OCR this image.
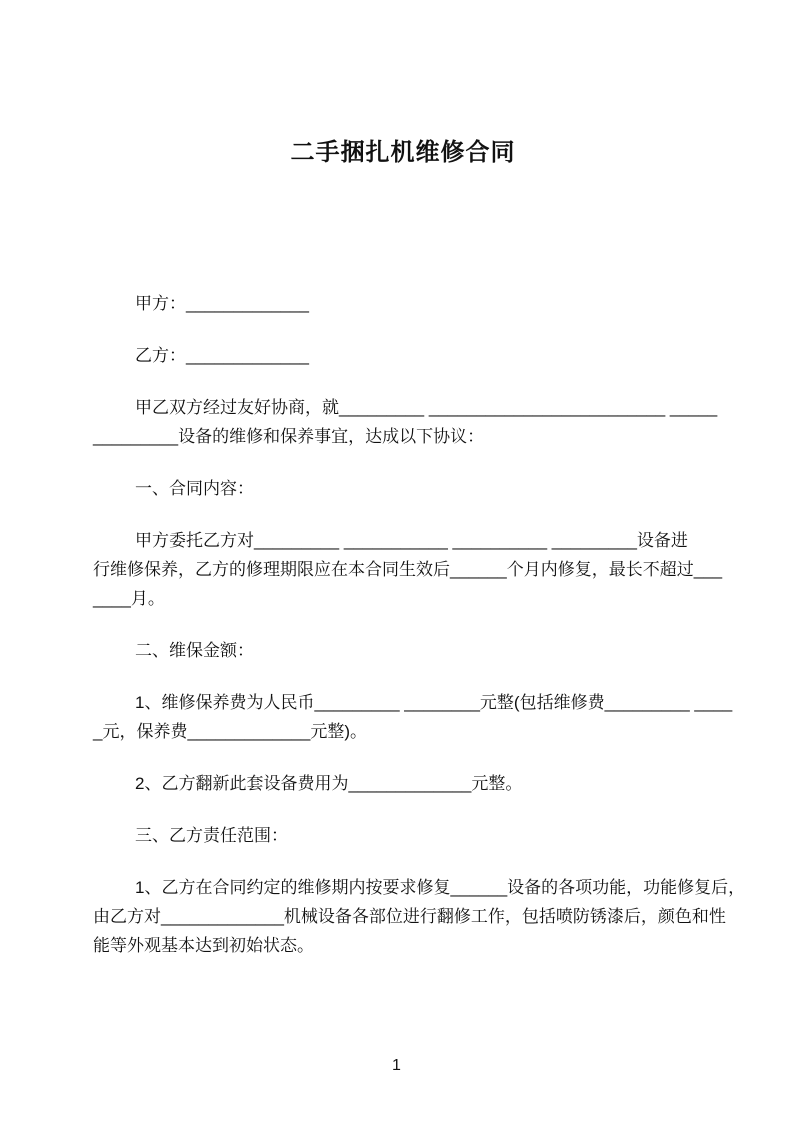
二手捆扎机维修合同
甲方：_____________
乙方：_____________
甲乙双方经过友好协商，就_________ _________________________ _____
_________设备的维修和保养事宜，达成以下协议：
一、合同内容：
甲方委托乙方对_________ ___________ __________ _________设备进
行维修保养，乙方的修理期限应在本合同生效后______个月内修复，最长不超过___
____月。
二、维保金额：
1、维修保养费为人民币_________ ________元整(包括维修费_________ ____
_元，保养费_____________元整)。
2、乙方翻新此套设备费用为_____________元整。
三、乙方责任范围：
1、乙方在合同约定的维修期内按要求修复______设备的各项功能，功能修复后，
由乙方对_____________机械设备各部位进行翻修工作，包括喷防锈漆后，颜色和性
能等外观基本达到初始状态。
1
